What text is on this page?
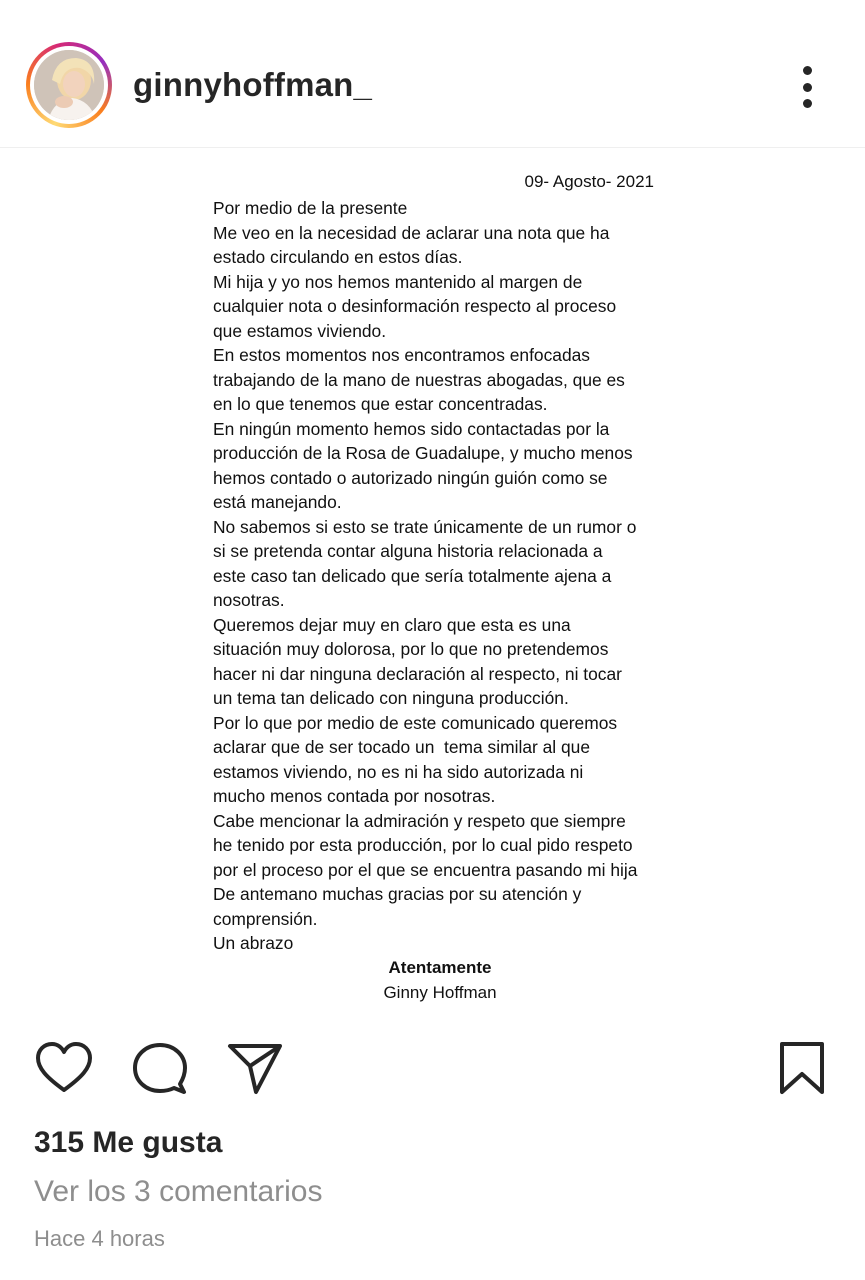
ginnyhoffman_
09- Agosto- 2021
Por medio de la presente
Me veo en la necesidad de aclarar una nota que ha
estado circulando en estos días.
Mi hija y yo nos hemos mantenido al margen de
cualquier nota o desinformación respecto al proceso
que estamos viviendo.
En estos momentos nos encontramos enfocadas
trabajando de la mano de nuestras abogadas, que es
en lo que tenemos que estar concentradas.
En ningún momento hemos sido contactadas por la
producción de la Rosa de Guadalupe, y mucho menos
hemos contado o autorizado ningún guión como se
está manejando.
No sabemos si esto se trate únicamente de un rumor o
si se pretenda contar alguna historia relacionada a
este caso tan delicado que sería totalmente ajena a
nosotras.
Queremos dejar muy en claro que esta es una
situación muy dolorosa, por lo que no pretendemos
hacer ni dar ninguna declaración al respecto, ni tocar
un tema tan delicado con ninguna producción.
Por lo que por medio de este comunicado queremos
aclarar que de ser tocado un  tema similar al que
estamos viviendo, no es ni ha sido autorizada ni
mucho menos contada por nosotras.
Cabe mencionar la admiración y respeto que siempre
he tenido por esta producción, por lo cual pido respeto
por el proceso por el que se encuentra pasando mi hija
De antemano muchas gracias por su atención y
comprensión.
Un abrazo
Atentamente
Ginny Hoffman
315 Me gusta
Ver los 3 comentarios
Hace 4 horas
